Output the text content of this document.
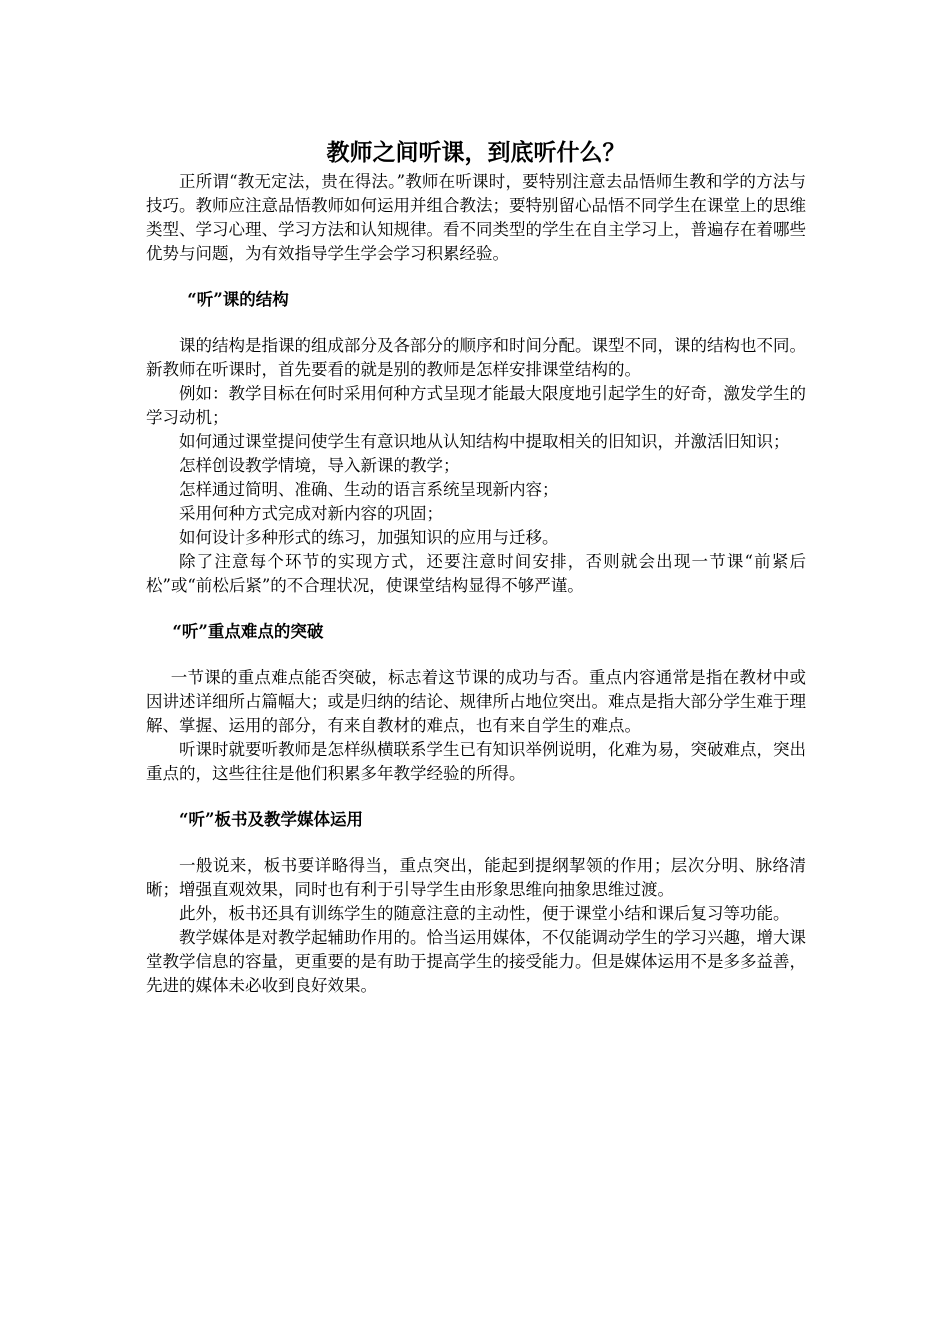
教师之间听课，到底听什么？

正所谓“教无定法，贵在得法。”教师在听课时，要特别注意去品悟师生教和学的方法与技巧。教师应注意品悟教师如何运用并组合教法；要特别留心品悟不同学生在课堂上的思维类型、学习心理、学习方法和认知规律。看不同类型的学生在自主学习上，普遍存在着哪些优势与问题，为有效指导学生学会学习积累经验。

“听”课的结构

课的结构是指课的组成部分及各部分的顺序和时间分配。课型不同，课的结构也不同。新教师在听课时，首先要看的就是别的教师是怎样安排课堂结构的。

例如：教学目标在何时采用何种方式呈现才能最大限度地引起学生的好奇，激发学生的学习动机；

如何通过课堂提问使学生有意识地从认知结构中提取相关的旧知识，并激活旧知识；

怎样创设教学情境，导入新课的教学；

怎样通过简明、准确、生动的语言系统呈现新内容；

采用何种方式完成对新内容的巩固；

如何设计多种形式的练习，加强知识的应用与迁移。

除了注意每个环节的实现方式，还要注意时间安排，否则就会出现一节课“前紧后松”或“前松后紧”的不合理状况，使课堂结构显得不够严谨。

“听”重点难点的突破

一节课的重点难点能否突破，标志着这节课的成功与否。重点内容通常是指在教材中或因讲述详细所占篇幅大；或是归纳的结论、规律所占地位突出。难点是指大部分学生难于理解、掌握、运用的部分，有来自教材的难点，也有来自学生的难点。

听课时就要听教师是怎样纵横联系学生已有知识举例说明，化难为易，突破难点，突出重点的，这些往往是他们积累多年教学经验的所得。

“听”板书及教学媒体运用

一般说来，板书要详略得当，重点突出，能起到提纲挈领的作用；层次分明、脉络清晰；增强直观效果，同时也有利于引导学生由形象思维向抽象思维过渡。

此外，板书还具有训练学生的随意注意的主动性，便于课堂小结和课后复习等功能。

教学媒体是对教学起辅助作用的。恰当运用媒体，不仅能调动学生的学习兴趣，增大课堂教学信息的容量，更重要的是有助于提高学生的接受能力。但是媒体运用不是多多益善，先进的媒体未必收到良好效果。
